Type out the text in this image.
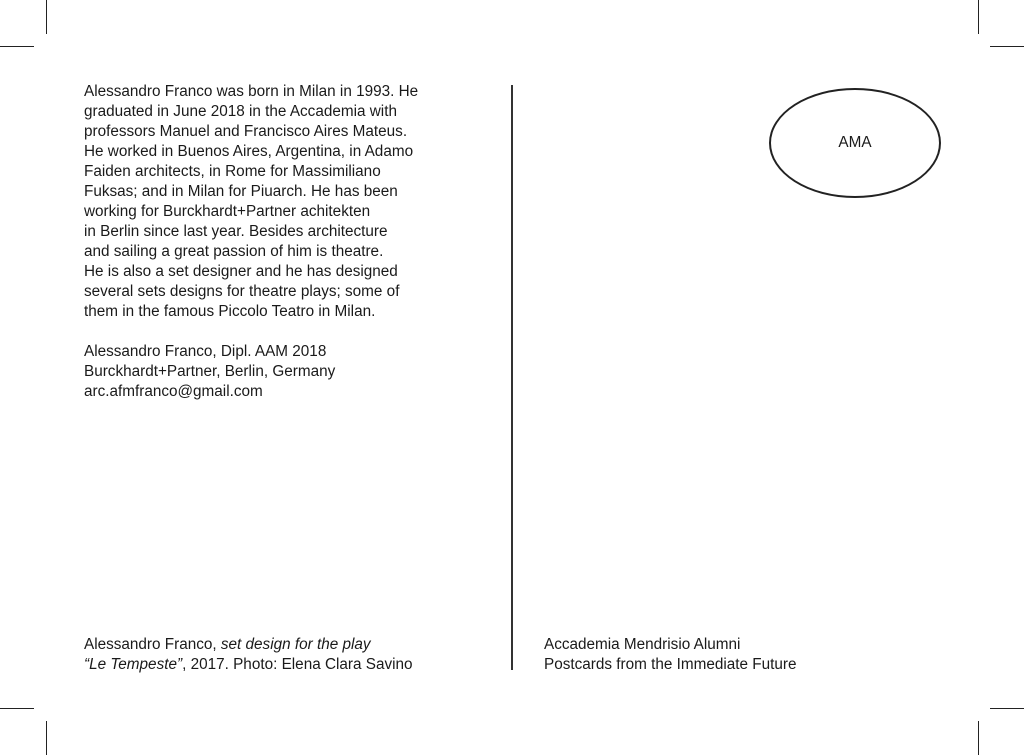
Alessandro Franco was born in Milan in 1993. He
graduated in June 2018 in the Accademia with
professors Manuel and Francisco Aires Mateus.
He worked in Buenos Aires, Argentina, in Adamo
Faiden architects, in Rome for Massimiliano
Fuksas; and in Milan for Piuarch. He has been
working for Burckhardt+Partner achitekten
in Berlin since last year. Besides architecture
and sailing a great passion of him is theatre.
He is also a set designer and he has designed
several sets designs for theatre plays; some of
them in the famous Piccolo Teatro in Milan.

Alessandro Franco, Dipl. AAM 2018
Burckhardt+Partner, Berlin, Germany
arc.afmfranco@gmail.com
AMA
Alessandro Franco, set design for the play
“Le Tempeste”, 2017. Photo: Elena Clara Savino
Accademia Mendrisio Alumni
Postcards from the Immediate Future
